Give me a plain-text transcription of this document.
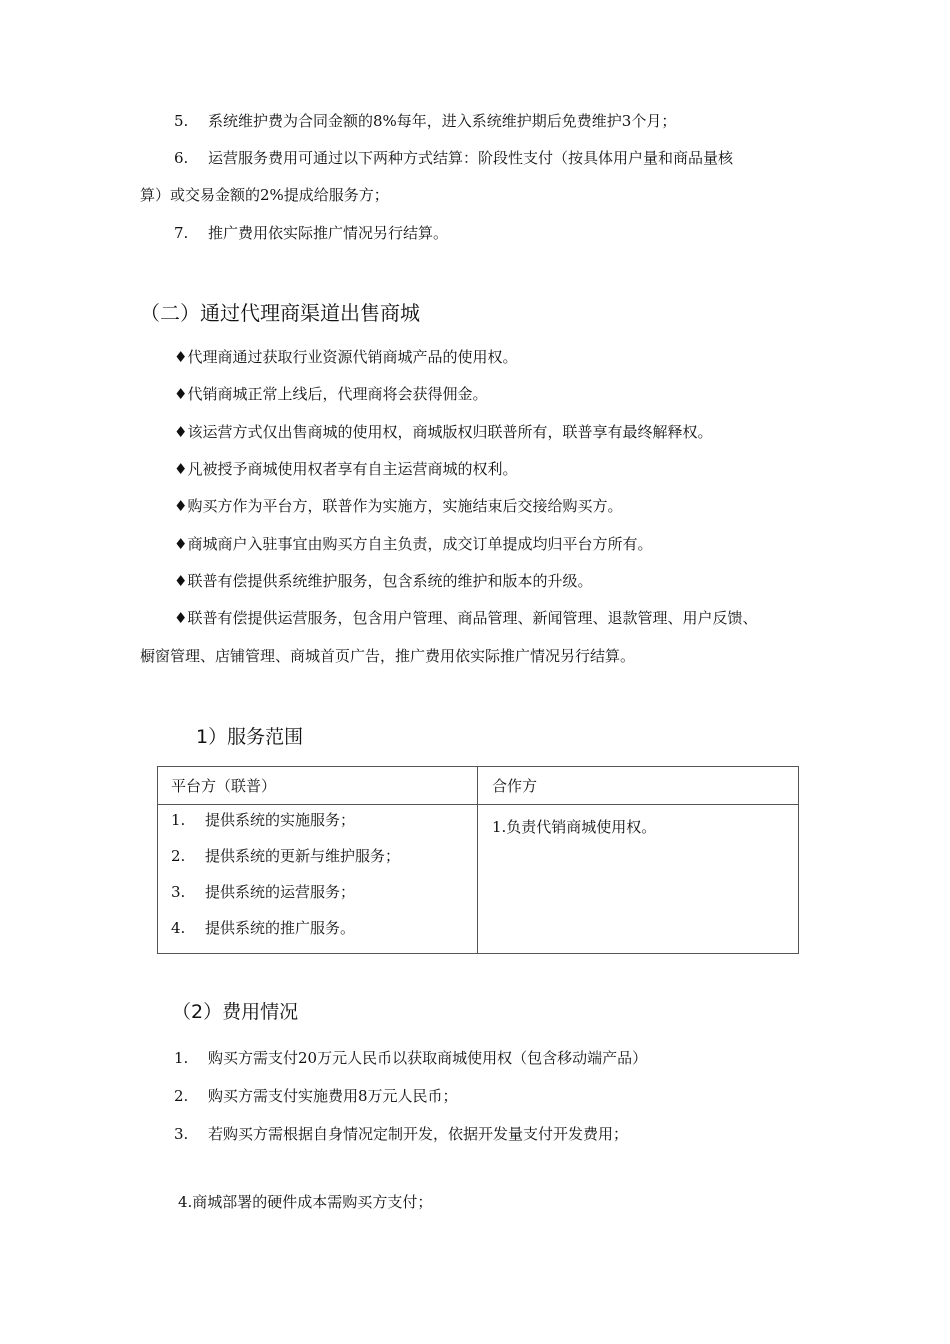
5. 系统维护费为合同金额的8%每年，进入系统维护期后免费维护3个月；
6. 运营服务费用可通过以下两种方式结算：阶段性支付（按具体用户量和商品量核
算）或交易金额的2%提成给服务方；
7. 推广费用依实际推广情况另行结算。
（二）通过代理商渠道出售商城
♦代理商通过获取行业资源代销商城产品的使用权。
♦代销商城正常上线后，代理商将会获得佣金。
♦该运营方式仅出售商城的使用权，商城版权归联普所有，联普享有最终解释权。
♦凡被授予商城使用权者享有自主运营商城的权利。
♦购买方作为平台方，联普作为实施方，实施结束后交接给购买方。
♦商城商户入驻事宜由购买方自主负责，成交订单提成均归平台方所有。
♦联普有偿提供系统维护服务，包含系统的维护和版本的升级。
♦联普有偿提供运营服务，包含用户管理、商品管理、新闻管理、退款管理、用户反馈、
橱窗管理、店铺管理、商城首页广告，推广费用依实际推广情况另行结算。
1）服务范围
平台方（联普）	合作方
1. 提供系统的实施服务；
2. 提供系统的更新与维护服务；
3. 提供系统的运营服务；
4. 提供系统的推广服务。
1.负责代销商城使用权。
（2）费用情况
1. 购买方需支付20万元人民币以获取商城使用权（包含移动端产品）
2. 购买方需支付实施费用8万元人民币；
3. 若购买方需根据自身情况定制开发，依据开发量支付开发费用；
4.商城部署的硬件成本需购买方支付；
